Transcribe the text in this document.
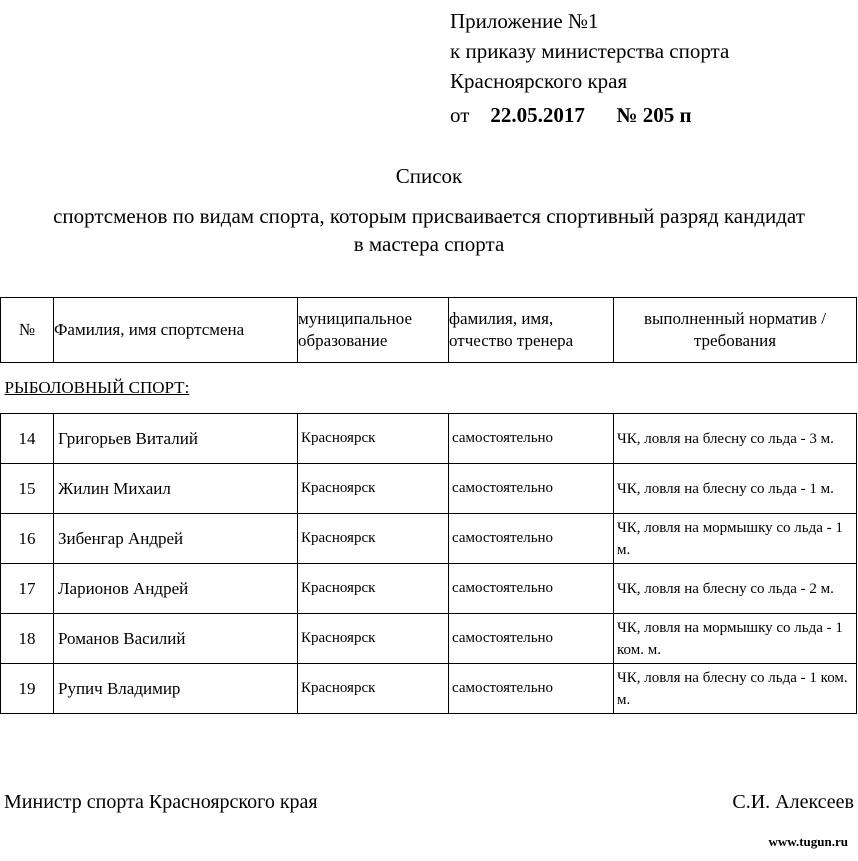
Приложение №1
к приказу министерства спорта
Красноярского края
от 22.05.2017 № 205 п
Список
спортсменов по видам спорта, которым присваивается спортивный разряд кандидат
в мастера спорта
№	Фамилия, имя спортсмена	муниципальное образование	фамилия, имя, отчество тренера	выполненный норматив /требования

РЫБОЛОВНЫЙ СПОРТ:				

14	Григорьев Виталий	Красноярск	самостоятельно	ЧК, ловля на блесну со льда - 3 м.
15	Жилин Михаил	Красноярск	самостоятельно	ЧК, ловля на блесну со льда - 1 м.
16	Зибенгар Андрей	Красноярск	самостоятельно	ЧК, ловля на мормышку со льда - 1 м.
17	Ларионов Андрей	Красноярск	самостоятельно	ЧК, ловля на блесну со льда - 2 м.
18	Романов Василий	Красноярск	самостоятельно	ЧК, ловля на мормышку со льда - 1 ком. м.
19	Рупич Владимир	Красноярск	самостоятельно	ЧК, ловля на блесну со льда - 1 ком. м.
Министр спорта Красноярского края	С.И. Алексеев
www.tugun.ru
